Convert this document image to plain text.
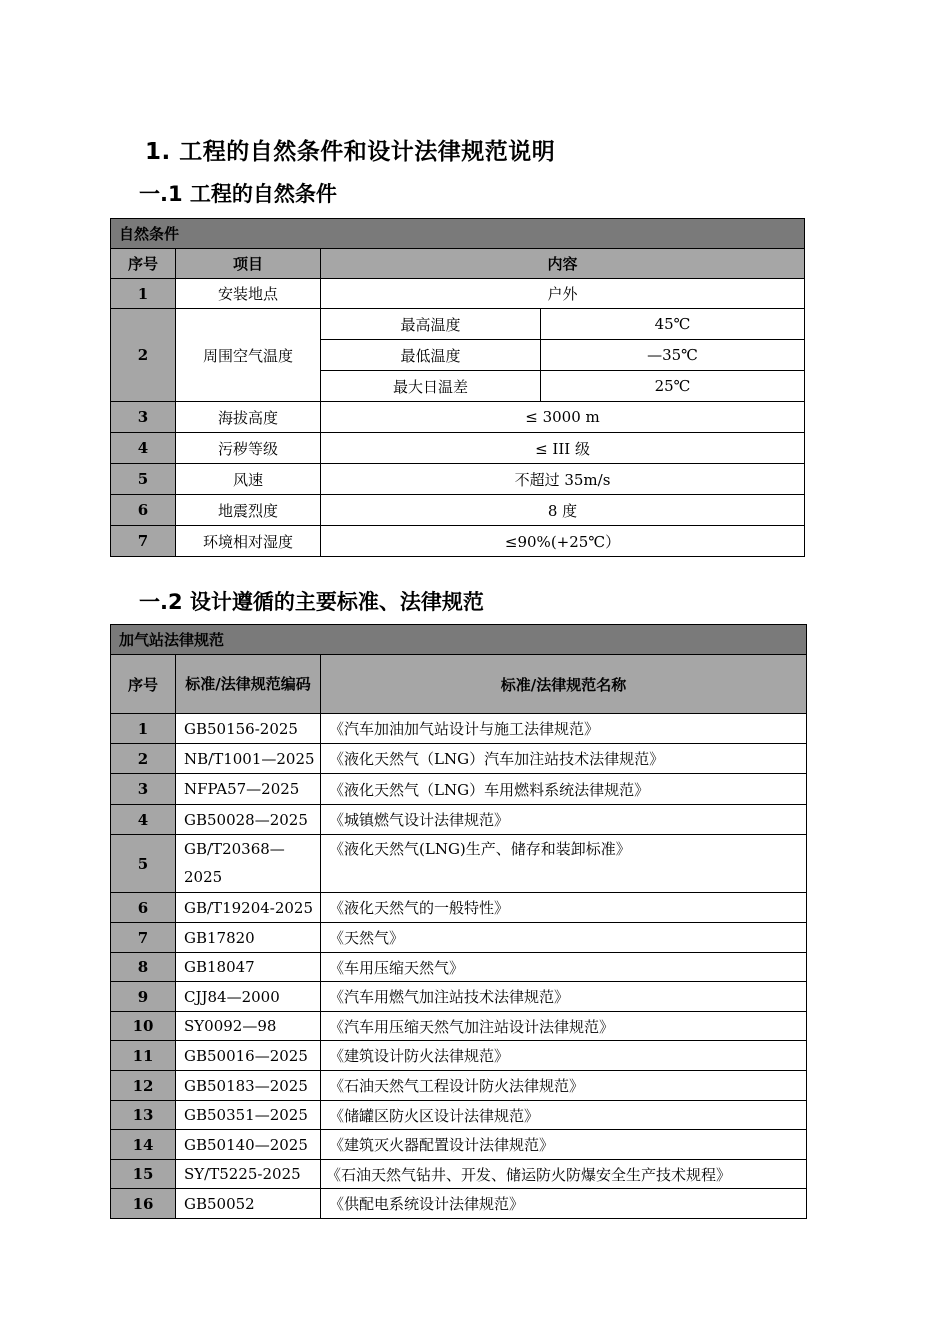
1. 工程的自然条件和设计法律规范说明
一.1 工程的自然条件
自然条件			
序号	项目	内容	
1	安装地点	户外	
2	周围空气温度	最高温度	45℃
		最低温度	—35℃
		最大日温差	25℃
3	海拔高度	≤ 3000 m	
4	污秽等级	≤ III 级	
5	风速	不超过 35m/s	
6	地震烈度	8 度	
7	环境相对湿度	≤90%(+25℃）	
一.2 设计遵循的主要标准、法律规范
加气站法律规范		
序号	标准/法律规范编码	标准/法律规范名称
1	GB50156-2025	《汽车加油加气站设计与施工法律规范》
2	NB/T1001—2025	《液化天然气（LNG）汽车加注站技术法律规范》
3	NFPA57—2025	《液化天然气（LNG）车用燃料系统法律规范》
4	GB50028—2025	《城镇燃气设计法律规范》
5	GB/T20368—2025	《液化天然气(LNG)生产、储存和装卸标准》
6	GB/T19204-2025	《液化天然气的一般特性》
7	GB17820	《天然气》
8	GB18047	《车用压缩天然气》
9	CJJ84—2000	《汽车用燃气加注站技术法律规范》
10	SY0092—98	《汽车用压缩天然气加注站设计法律规范》
11	GB50016—2025	《建筑设计防火法律规范》
12	GB50183—2025	《石油天然气工程设计防火法律规范》
13	GB50351—2025	《储罐区防火区设计法律规范》
14	GB50140—2025	《建筑灭火器配置设计法律规范》
15	SY/T5225-2025	《石油天然气钻井、开发、储运防火防爆安全生产技术规程》
16	GB50052	《供配电系统设计法律规范》
